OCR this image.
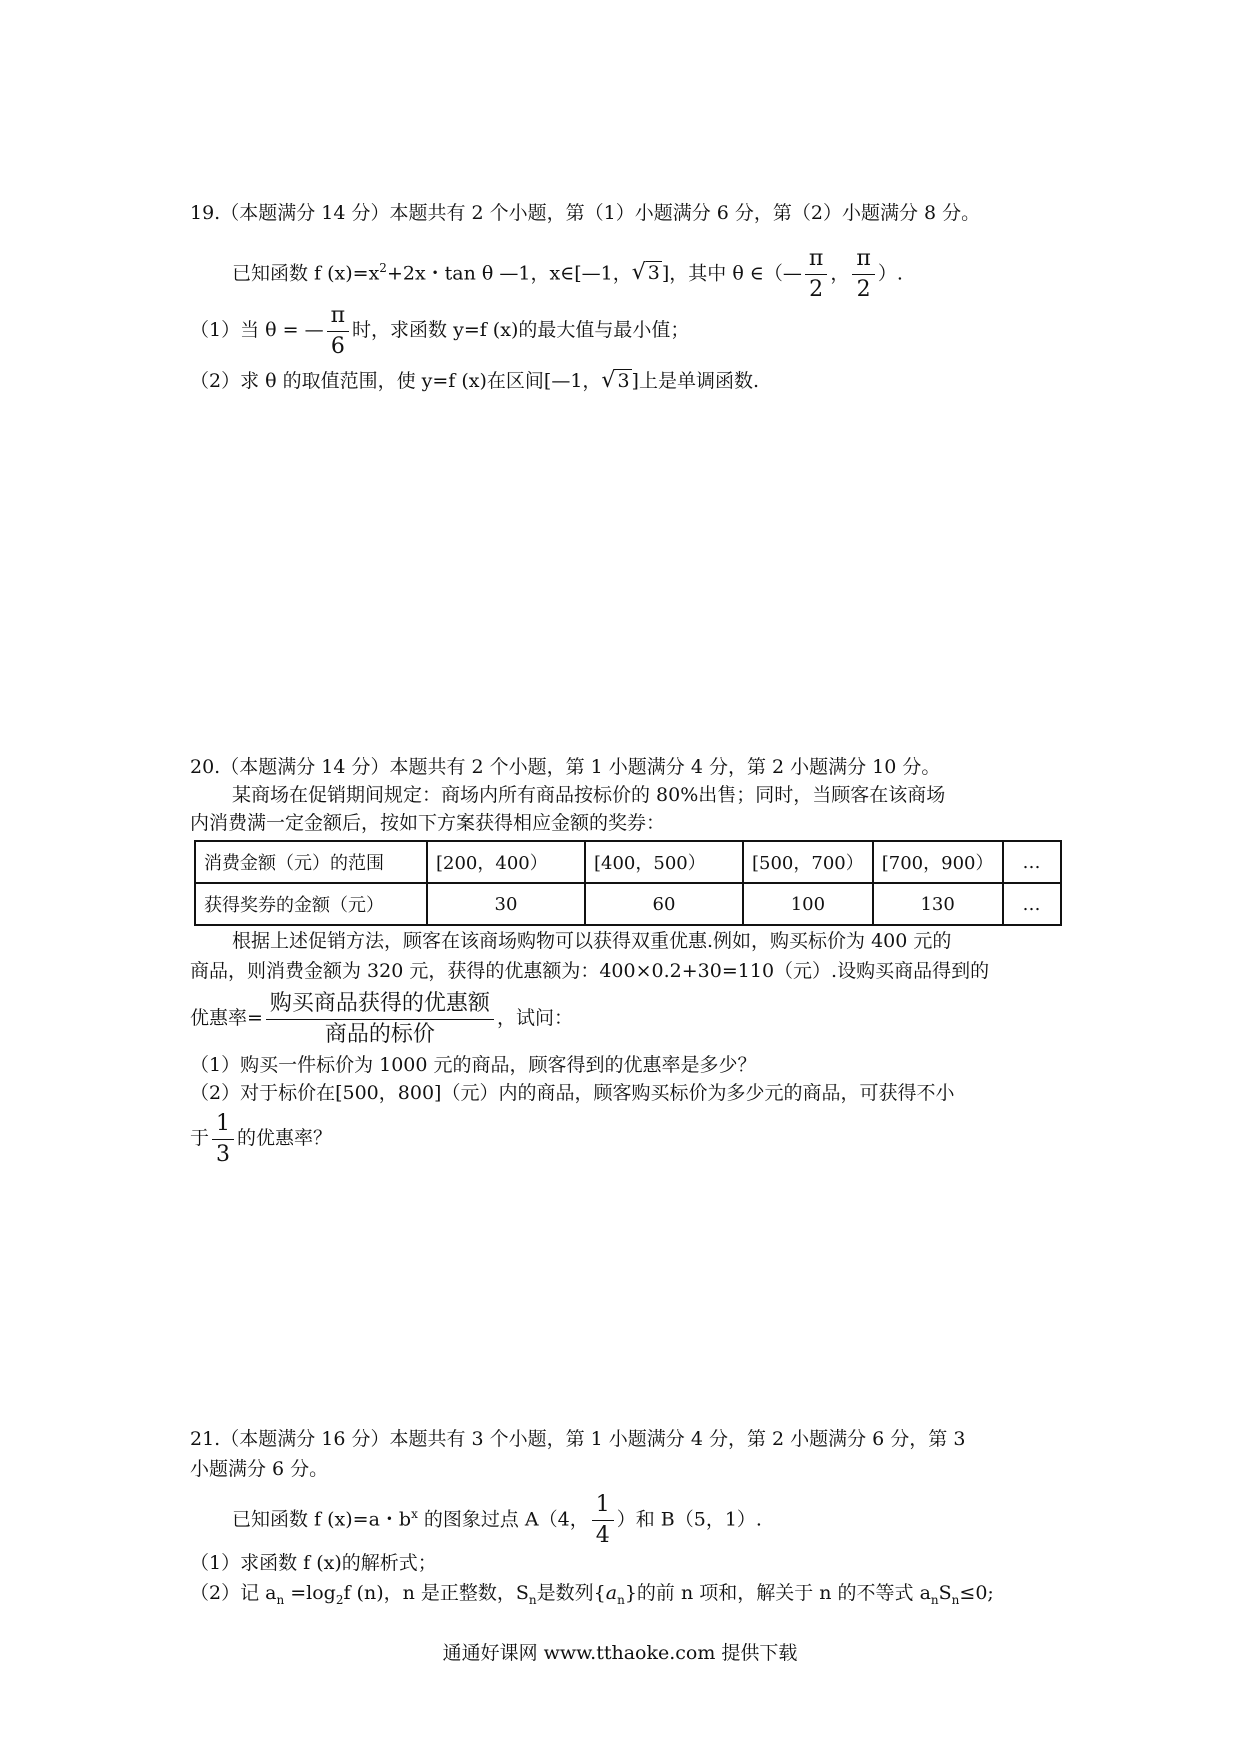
19.（本题满分 14 分）本题共有 2 个小题，第（1）小题满分 6 分，第（2）小题满分 8 分。
已知函数 f $(x)=x^2+2x$・tan θ —1，x∈[—1，√ 3 ]，其中 θ ∈（— $\frac{\pi}{2}$ ， $\frac{\pi}{2}$ ）.
（1）当 θ = — $\frac{\pi}{6}$ 时，求函数 y=f (x)的最大值与最小值；
（2）求 θ 的取值范围，使 y=f (x)在区间[—1，√ 3 ]上是单调函数.
20.（本题满分 14 分）本题共有 2 个小题，第 1 小题满分 4 分，第 2 小题满分 10 分。
某商场在促销期间规定：商场内所有商品按标价的 80%出售；同时，当顾客在该商场
内消费满一定金额后，按如下方案获得相应金额的奖券：
消费金额（元）的范围	[200，400）	[400，500）	[500，700）	[700，900）	…
获得奖券的金额（元）	30	60	100	130	…
根据上述促销方法，顾客在该商场购物可以获得双重优惠.例如，购买标价为 400 元的
商品，则消费金额为 320 元，获得的优惠额为：400×0.2+30=110（元）.设购买商品得到的
优惠率= $\frac{\text{购买商品获得的优惠额}}{\text{商品的标价}}$ ，试问：
（1）购买一件标价为 1000 元的商品，顾客得到的优惠率是多少？
（2）对于标价在[500，800]（元）内的商品，顾客购买标价为多少元的商品，可获得不小
于 $\frac{1}{3}$ 的优惠率？
21.（本题满分 16 分）本题共有 3 个小题，第 1 小题满分 4 分，第 2 小题满分 6 分，第 3
小题满分 6 分。
已知函数 f (x)=a・$b^x$ 的图象过点 A（4， $\frac{1}{4}$ ）和 B（5，1）.
（1）求函数 f (x)的解析式；
（2）记 $a_n =\log_2f$ (n)，n 是正整数，$S_n$是数列$\{a_n\}$的前 n 项和，解关于 n 的不等式 $a_nS_n\le 0$;
通通好课网 www.tthaoke.com 提供下载
